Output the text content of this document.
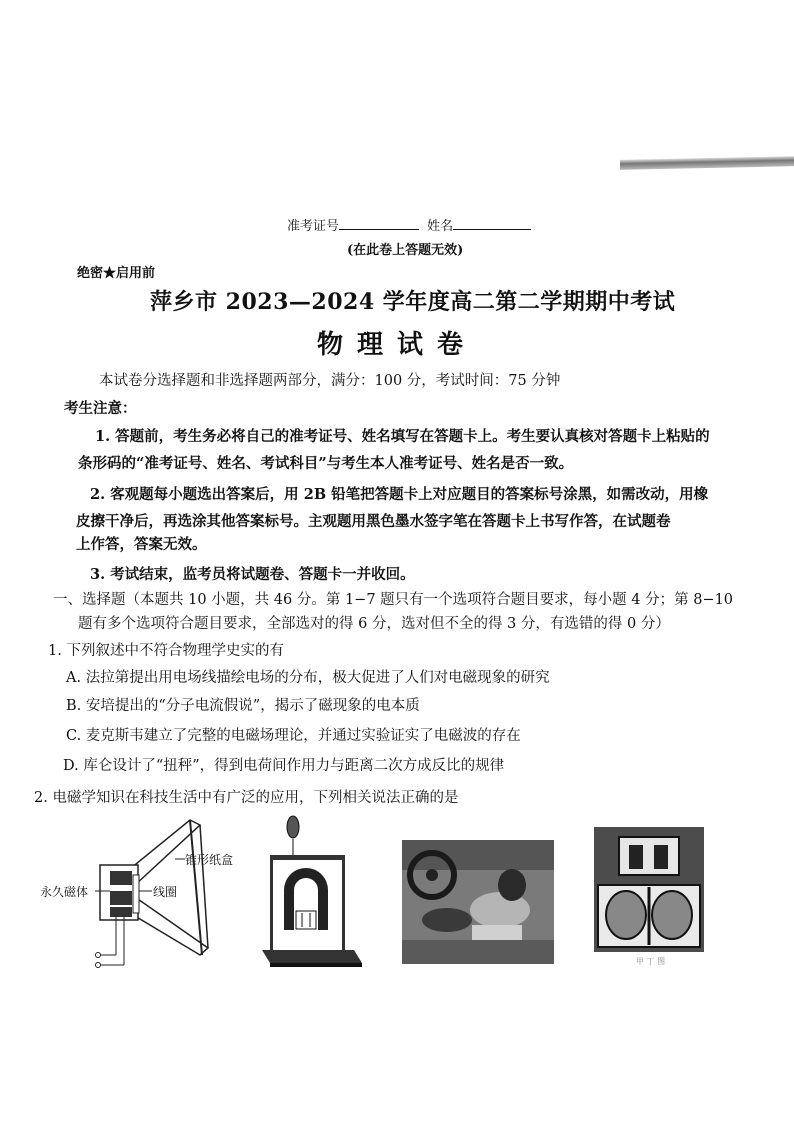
准考证号	姓名
(在此卷上答题无效)
绝密★启用前
萍乡市 2023—2024 学年度高二第二学期期中考试
物理试卷
本试卷分选择题和非选择题两部分，满分：100 分，考试时间：75 分钟
考生注意：
1. 答题前，考生务必将自己的准考证号、姓名填写在答题卡上。考生要认真核对答题卡上粘贴的
条形码的“准考证号、姓名、考试科目”与考生本人准考证号、姓名是否一致。
2. 客观题每小题选出答案后，用 2B 铅笔把答题卡上对应题目的答案标号涂黑，如需改动，用橡
皮擦干净后，再选涂其他答案标号。主观题用黑色墨水签字笔在答题卡上书写作答，在试题卷
上作答，答案无效。
3. 考试结束，监考员将试题卷、答题卡一并收回。
一、选择题（本题共 10 小题，共 46 分。第 1−7 题只有一个选项符合题目要求，每小题 4 分；第 8−10
题有多个选项符合题目要求，全部选对的得 6 分，选对但不全的得 3 分，有选错的得 0 分）
1. 下列叙述中不符合物理学史实的有
A. 法拉第提出用电场线描绘电场的分布，极大促进了人们对电磁现象的研究
B. 安培提出的“分子电流假说”，揭示了磁现象的电本质
C. 麦克斯韦建立了完整的电磁场理论，并通过实验证实了电磁波的存在
D. 库仑设计了“扭秤”，得到电荷间作用力与距离二次方成反比的规律
2. 电磁学知识在科技生活中有广泛的应用，下列相关说法正确的是
永久磁体
锥形纸盒
线圈
甲 丁 图
